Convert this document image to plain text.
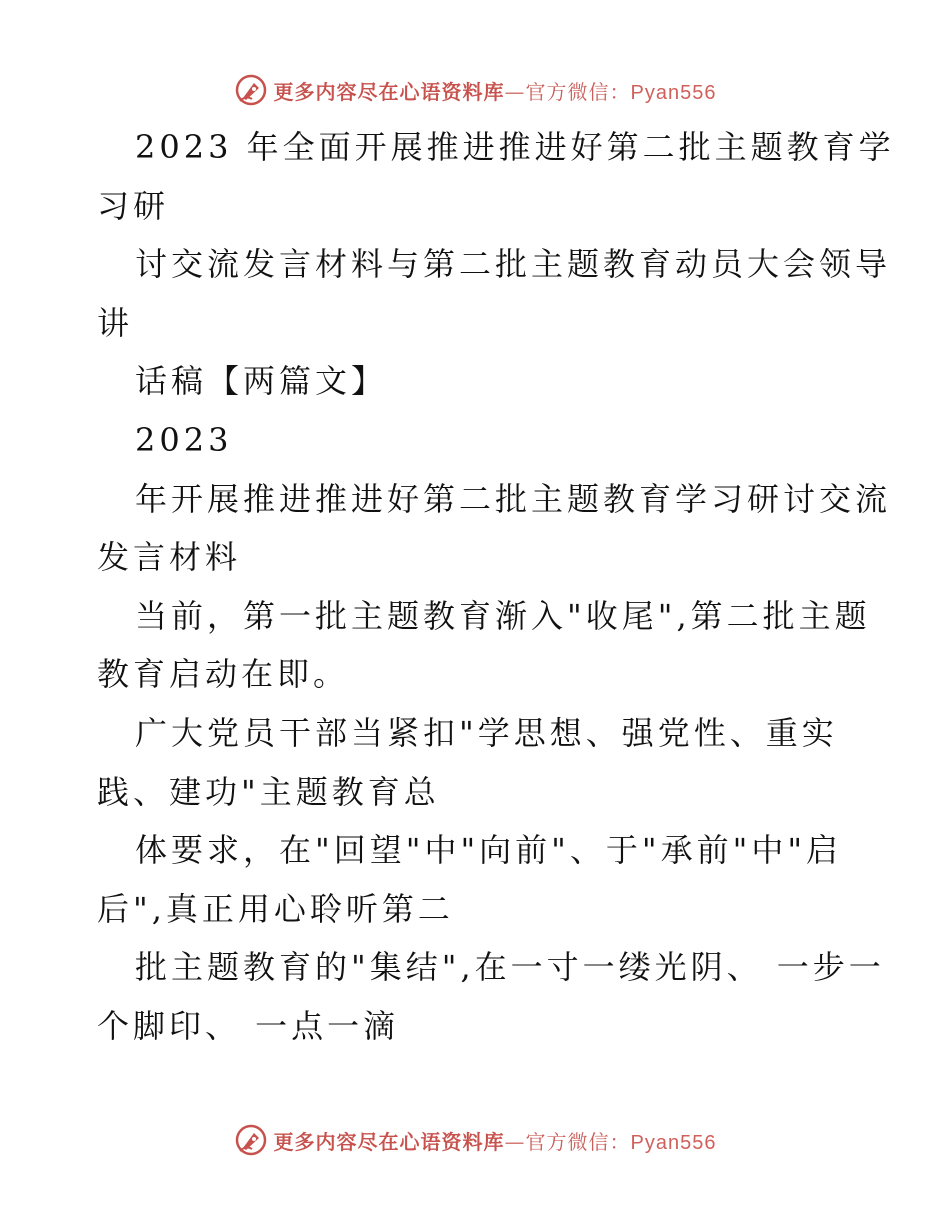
更多内容尽在心语资料库—官方微信：Pyan556
2023 年全面开展推进推进好第二批主题教育学
习研
讨交流发言材料与第二批主题教育动员大会领导
讲
话稿【两篇文】
2023
年开展推进推进好第二批主题教育学习研讨交流
发言材料
当前，第一批主题教育渐入"收尾",第二批主题
教育启动在即。
广大党员干部当紧扣"学思想、强党性、重实
践、建功"主题教育总
体要求，在"回望"中"向前"、于"承前"中"启
后",真正用心聆听第二
批主题教育的"集结",在一寸一缕光阴、 一步一
个脚印、 一点一滴
更多内容尽在心语资料库—官方微信：Pyan556
